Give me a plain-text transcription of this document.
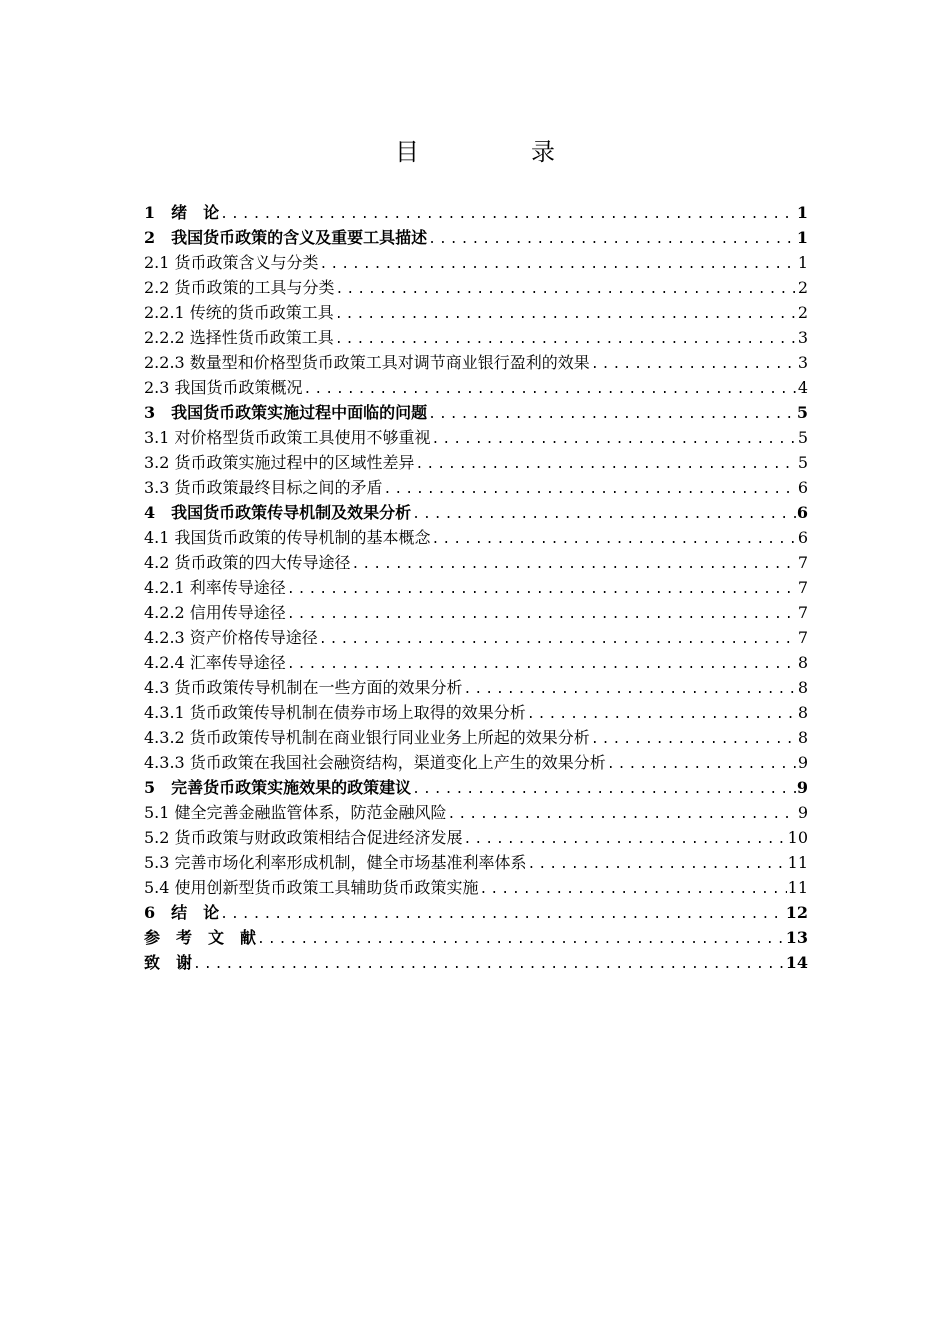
目　录
1　绪　论 .....	1
2　我国货币政策的含义及重要工具描述 .....	1
2.1 货币政策含义与分类 .....	1
2.2 货币政策的工具与分类 .....	2
2.2.1 传统的货币政策工具 .....	2
2.2.2 选择性货币政策工具 .....	3
2.2.3 数量型和价格型货币政策工具对调节商业银行盈利的效果 .....	3
2.3 我国货币政策概况 .....	4
3　我国货币政策实施过程中面临的问题 .....	5
3.1 对价格型货币政策工具使用不够重视 .....	5
3.2 货币政策实施过程中的区域性差异 .....	5
3.3 货币政策最终目标之间的矛盾 .....	6
4　我国货币政策传导机制及效果分析 .....	6
4.1 我国货币政策的传导机制的基本概念 .....	6
4.2 货币政策的四大传导途径 .....	7
4.2.1 利率传导途径 .....	7
4.2.2 信用传导途径 .....	7
4.2.3 资产价格传导途径 .....	7
4.2.4 汇率传导途径 .....	8
4.3 货币政策传导机制在一些方面的效果分析 .....	8
4.3.1 货币政策传导机制在债券市场上取得的效果分析 .....	8
4.3.2 货币政策传导机制在商业银行同业业务上所起的效果分析 .....	8
4.3.3 货币政策在我国社会融资结构，渠道变化上产生的效果分析 .....	9
5　完善货币政策实施效果的政策建议 .....	9
5.1 健全完善金融监管体系，防范金融风险 .....	9
5.2 货币政策与财政政策相结合促进经济发展 .....	10
5.3 完善市场化利率形成机制，健全市场基准利率体系 .....	11
5.4 使用创新型货币政策工具辅助货币政策实施 .....	11
6　结　论 .....	12
参　考　文　献 .....	13
致　谢 .....	14
